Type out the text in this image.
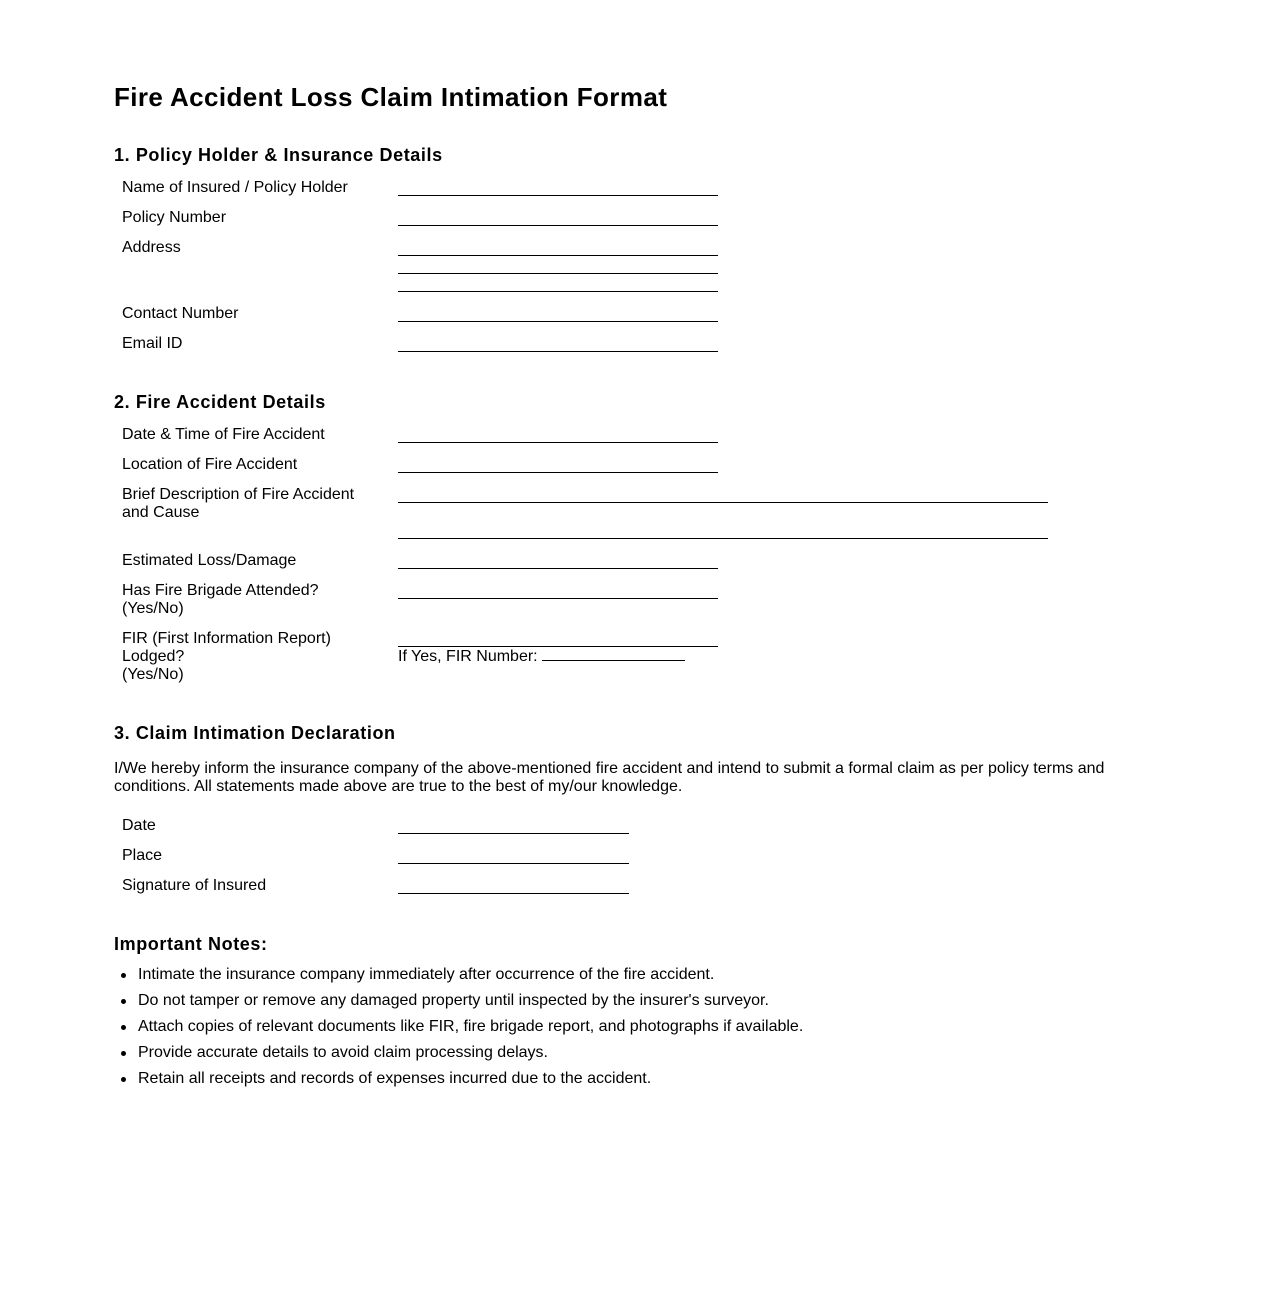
Fire Accident Loss Claim Intimation Format
1. Policy Holder & Insurance Details
Name of Insured / Policy Holder
Policy Number
Address
Contact Number
Email ID
2. Fire Accident Details
Date & Time of Fire Accident
Location of Fire Accident
Brief Description of Fire Accident
and Cause
Estimated Loss/Damage
Has Fire Brigade Attended?
(Yes/No)
FIR (First Information Report)
Lodged?
(Yes/No)
If Yes, FIR Number:
3. Claim Intimation Declaration

I/We hereby inform the insurance company of the above-mentioned fire accident and intend to submit a formal claim as per policy terms and conditions. All statements made above are true to the best of my/our knowledge.

Date
Place
Signature of Insured
Important Notes:
Intimate the insurance company immediately after occurrence of the fire accident.
Do not tamper or remove any damaged property until inspected by the insurer's surveyor.
Attach copies of relevant documents like FIR, fire brigade report, and photographs if available.
Provide accurate details to avoid claim processing delays.
Retain all receipts and records of expenses incurred due to the accident.
